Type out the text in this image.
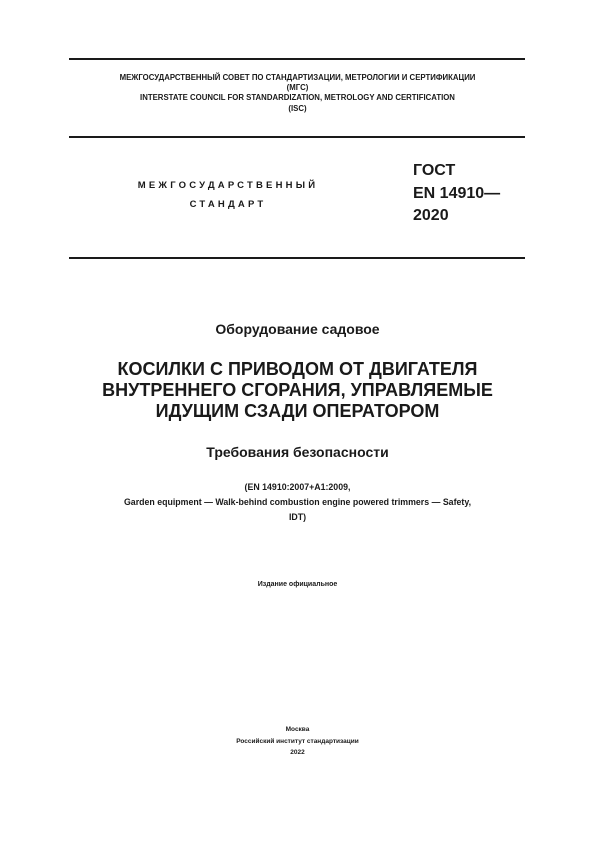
МЕЖГОСУДАРСТВЕННЫЙ СОВЕТ ПО СТАНДАРТИЗАЦИИ, МЕТРОЛОГИИ И СЕРТИФИКАЦИИ
(МГС)
INTERSTATE COUNCIL FOR STANDARDIZATION, METROLOGY AND CERTIFICATION
(ISC)
МЕЖГОСУДАРСТВЕННЫЙ
СТАНДАРТ
ГОСТ
EN 14910—
2020
Оборудование садовое
КОСИЛКИ С ПРИВОДОМ ОТ ДВИГАТЕЛЯ
ВНУТРЕННЕГО СГОРАНИЯ, УПРАВЛЯЕМЫЕ
ИДУЩИМ СЗАДИ ОПЕРАТОРОМ
Требования безопасности
(EN 14910:2007+A1:2009,
Garden equipment — Walk-behind combustion engine powered trimmers — Safety,
IDT)
Издание официальное
Москва
Российский институт стандартизации
2022
